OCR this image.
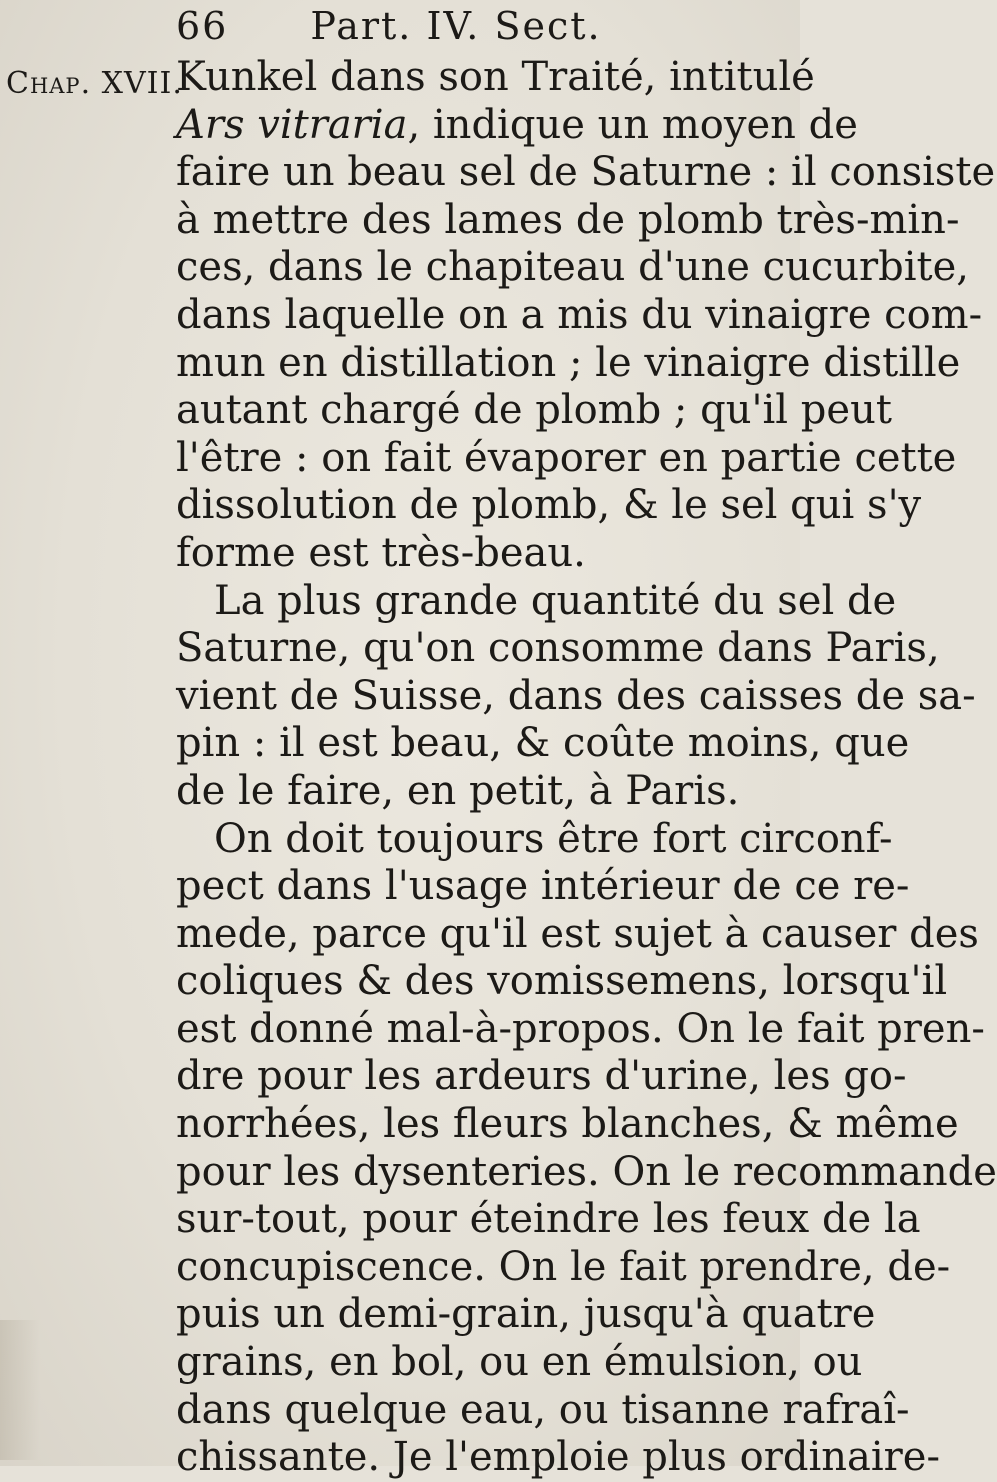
66 Part. IV. Sect.
Chap. XVII.
Kunkel dans son Traité, intitulé
Ars vitraria, indique un moyen de
faire un beau sel de Saturne : il consiste
à mettre des lames de plomb très-min-
ces, dans le chapiteau d'une cucurbite,
dans laquelle on a mis du vinaigre com-
mun en distillation ; le vinaigre distille
autant chargé de plomb ; qu'il peut
l'être : on fait évaporer en partie cette
dissolution de plomb, & le sel qui s'y
forme est très-beau.
La plus grande quantité du sel de
Saturne, qu'on consomme dans Paris,
vient de Suisse, dans des caisses de sa-
pin : il est beau, & coûte moins, que
de le faire, en petit, à Paris.
On doit toujours être fort circonf-
pect dans l'usage intérieur de ce re-
mede, parce qu'il est sujet à causer des
coliques & des vomissemens, lorsqu'il
est donné mal-à-propos. On le fait pren-
dre pour les ardeurs d'urine, les go-
norrhées, les fleurs blanches, & même
pour les dysenteries. On le recommande
sur-tout, pour éteindre les feux de la
concupiscence. On le fait prendre, de-
puis un demi-grain, jusqu'à quatre
grains, en bol, ou en émulsion, ou
dans quelque eau, ou tisanne rafraî-
chissante. Je l'emploie plus ordinaire-
